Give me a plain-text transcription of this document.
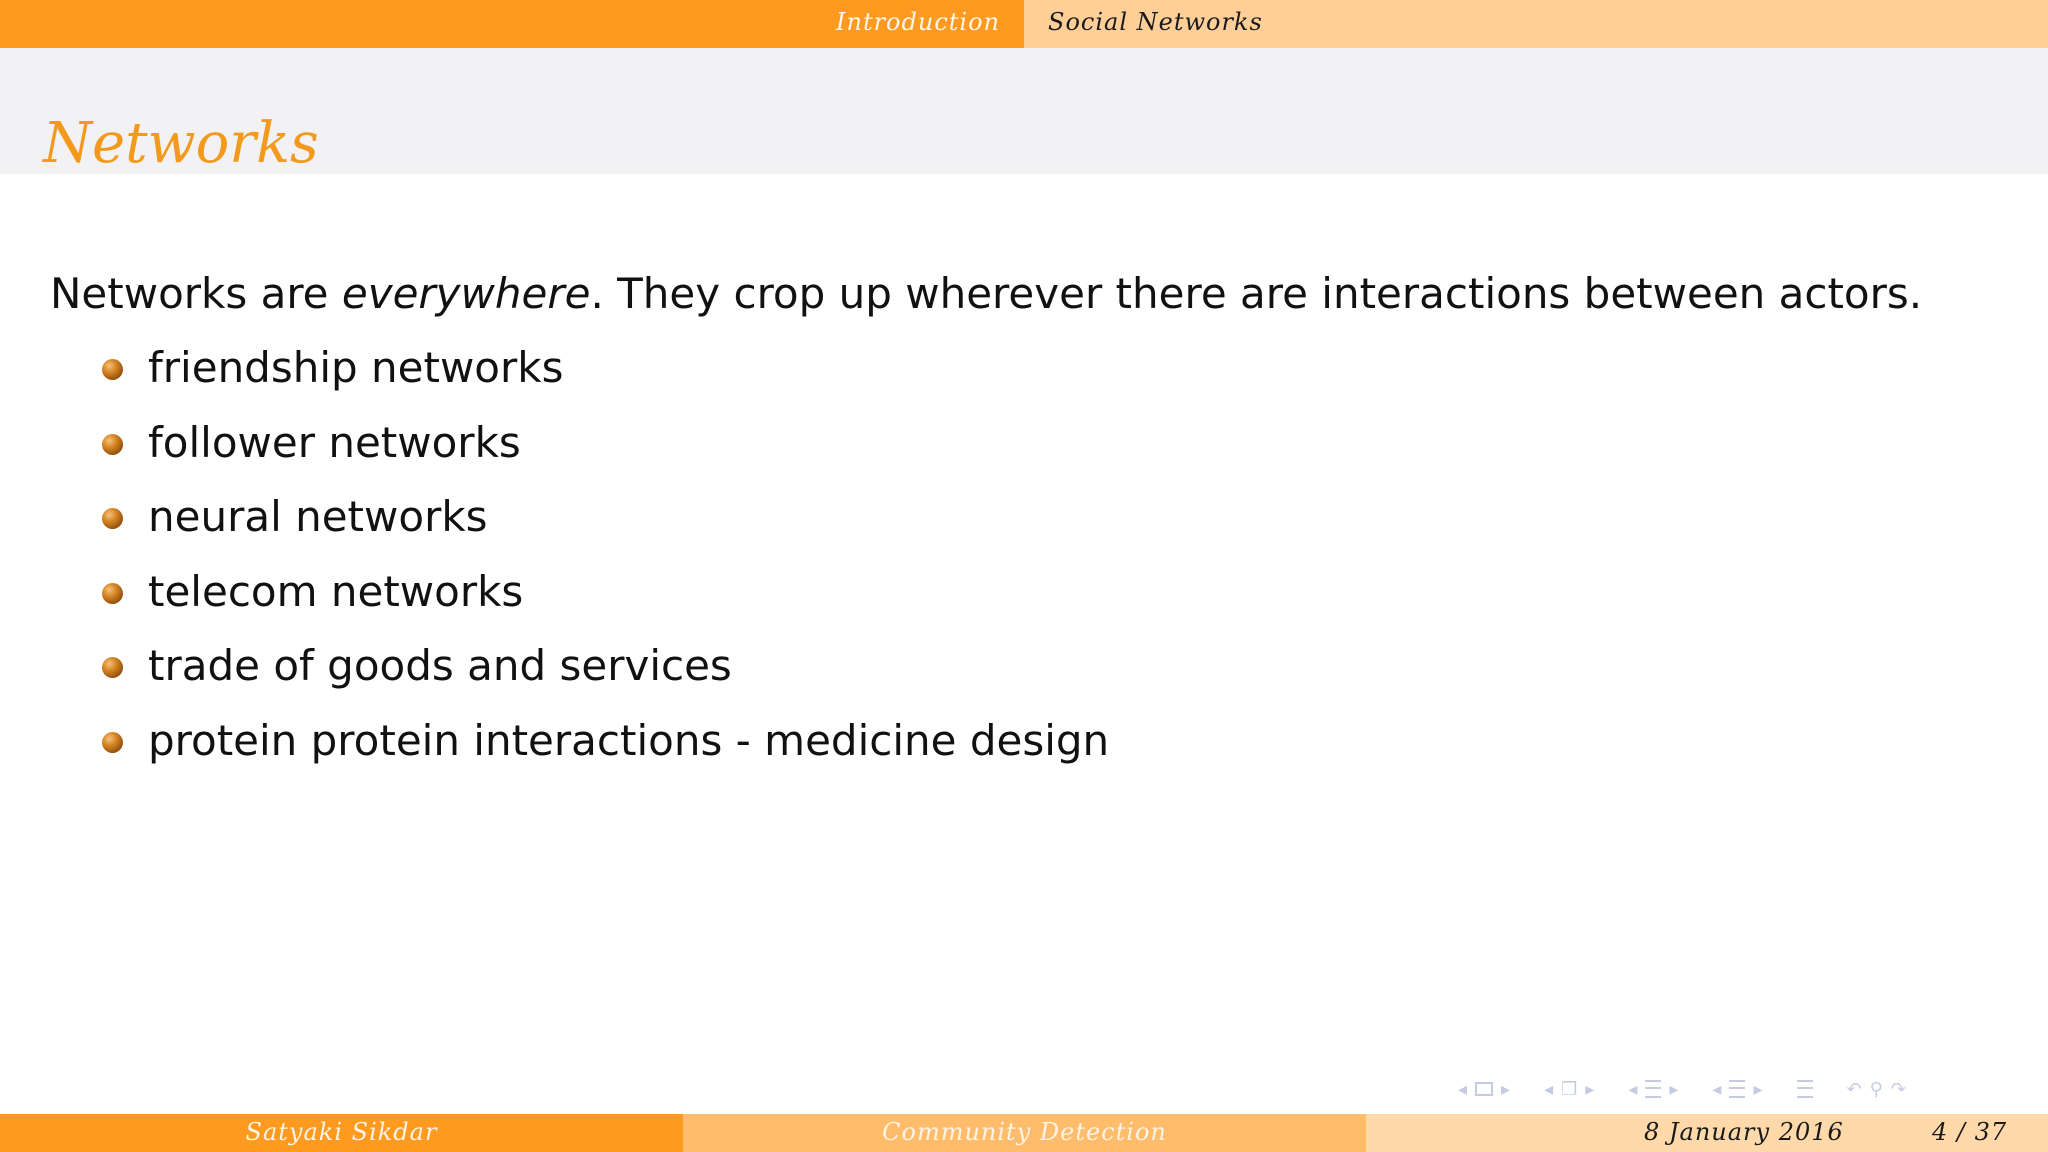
Introduction Social Networks
Networks
Networks are everywhere. They crop up wherever there are interactions between actors.
friendship networks
follower networks
neural networks
telecom networks
trade of goods and services
protein protein interactions - medicine design
◂ ▸ ◂ ❐ ▸ ◂ ▸ ◂ ▸	↶ ⚲ ↷
Satyaki Sikdar	Community Detection	8 January 2016	4 / 37
